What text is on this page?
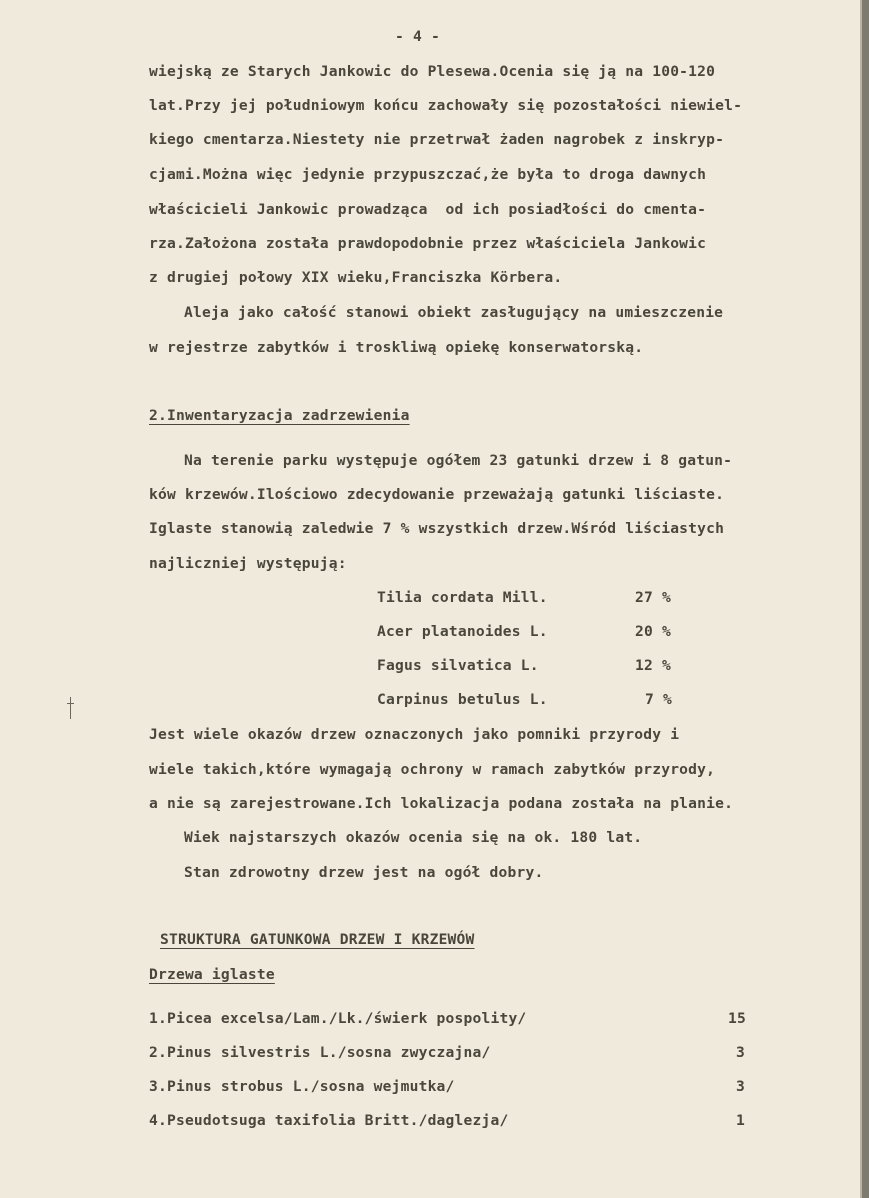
- 4 -
wiejską ze Starych Jankowic do Plesewa.Ocenia się ją na 100-120
lat.Przy jej południowym końcu zachowały się pozostałości niewiel-
kiego cmentarza.Niestety nie przetrwał żaden nagrobek z inskryp-
cjami.Można więc jedynie przypuszczać,że była to droga dawnych
właścicieli Jankowic prowadząca  od ich posiadłości do cmenta-
rza.Założona została prawdopodobnie przez właściciela Jankowic
z drugiej połowy XIX wieku,Franciszka Körbera.
Aleja jako całość stanowi obiekt zasługujący na umieszczenie
w rejestrze zabytków i troskliwą opiekę konserwatorską.
2.Inwentaryzacja zadrzewienia
Na terenie parku występuje ogółem 23 gatunki drzew i 8 gatun-
ków krzewów.Ilościowo zdecydowanie przeważają gatunki liściaste.
Iglaste stanowią zaledwie 7 % wszystkich drzew.Wśród liściastych
najliczniej występują:
Tilia cordata Mill.	27 %
Acer platanoides L.	20 %
Fagus silvatica L.	12 %
Carpinus betulus L.	7 %
Jest wiele okazów drzew oznaczonych jako pomniki przyrody i
wiele takich,które wymagają ochrony w ramach zabytków przyrody,
a nie są zarejestrowane.Ich lokalizacja podana została na planie.
Wiek najstarszych okazów ocenia się na ok. 180 lat.
Stan zdrowotny drzew jest na ogół dobry.
STRUKTURA GATUNKOWA DRZEW I KRZEWÓW
Drzewa iglaste
1.Picea excelsa/Lam./Lk./świerk pospolity/	15
2.Pinus silvestris L./sosna zwyczajna/	3
3.Pinus strobus L./sosna wejmutka/	3
4.Pseudotsuga taxifolia Britt./daglezja/	1
